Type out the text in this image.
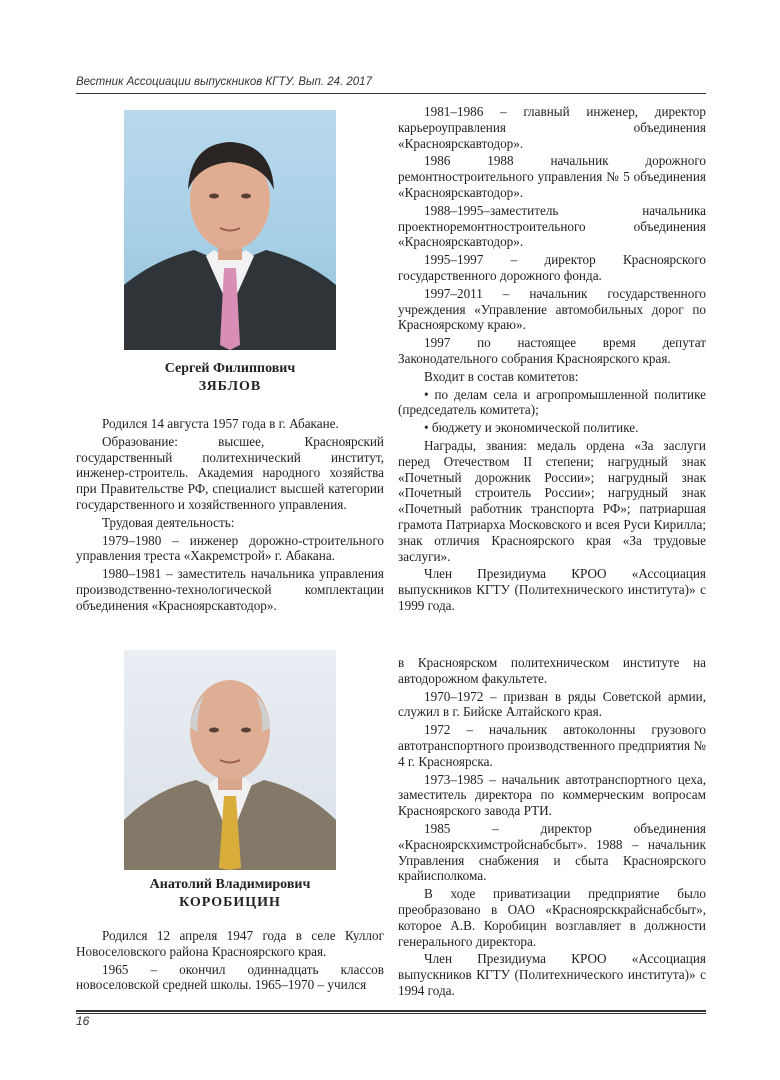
Вестник Ассоциации выпускников КГТУ. Вып. 24. 2017
Сергей Филиппович
ЗЯБЛОВ

Родился 14 августа 1957 года в г. Абакане.

Образование: высшее, Красноярский государственный политехнический институт, инженер-строитель. Академия народного хозяйства при Правительстве РФ, специалист высшей категории государственного и хозяйственного управления.

Трудовая деятельность:

1979–1980 – инженер дорожно-строительного управления треста «Хакремстрой» г. Абакана.

1980–1981 – заместитель начальника управления производственно-технологической комплектации объединения «Красноярскавтодор».

1981–1986 – главный инженер, директор карьероуправления объединения «Красноярскавтодор».

1986 1988 начальник дорожного ремонтностроительного управления № 5 объединения «Красноярскавтодор».

1988–1995–заместитель начальника проектноремонтностроительного объединения «Красноярскавтодор».

1995–1997 – директор Красноярского государственного дорожного фонда.

1997–2011 – начальник государственного учреждения «Управление автомобильных дорог по Красноярскому краю».

1997 по настоящее время депутат Законодательного собрания Красноярского края.

Входит в состав комитетов:

• по делам села и агропромышленной политике (председатель комитета);

• бюджету и экономической политике.

Награды, звания: медаль ордена «За заслуги перед Отечеством II степени; нагрудный знак «Почетный дорожник России»; нагрудный знак «Почетный строитель России»; нагрудный знак «Почетный работник транспорта РФ»; патриаршая грамота Патриарха Московского и всея Руси Кирилла; знак отличия Красноярского края «За трудовые заслуги».

Член Президиума КРОО «Ассоциация выпускников КГТУ (Политехнического института)» с 1999 года.

Анатолий Владимирович
КОРОБИЦИН

Родился 12 апреля 1947 года в селе Куллог Новоселовского района Красноярского края.

1965 – окончил одиннадцать классов новоселовской средней школы. 1965–1970 – учился

в Красноярском политехническом институте на автодорожном факультете.

1970–1972 – призван в ряды Советской армии, служил в г. Бийске Алтайского края.

1972 – начальник автоколонны грузового автотранспортного производственного предприятия № 4 г. Красноярска.

1973–1985 – начальник автотранспортного цеха, заместитель директора по коммерческим вопросам Красноярского завода РТИ.

1985 – директор объединения «Красноярскхимстройснабсбыт». 1988 – начальник Управления снабжения и сбыта Красноярского крайисполкома.

В ходе приватизации предприятие было преобразовано в ОАО «Красноярсккрайснабсбыт», которое А.В. Коробицин возглавляет в должности генерального директора.

Член Президиума КРОО «Ассоциация выпускников КГТУ (Политехнического института)» с 1994 года.

16
